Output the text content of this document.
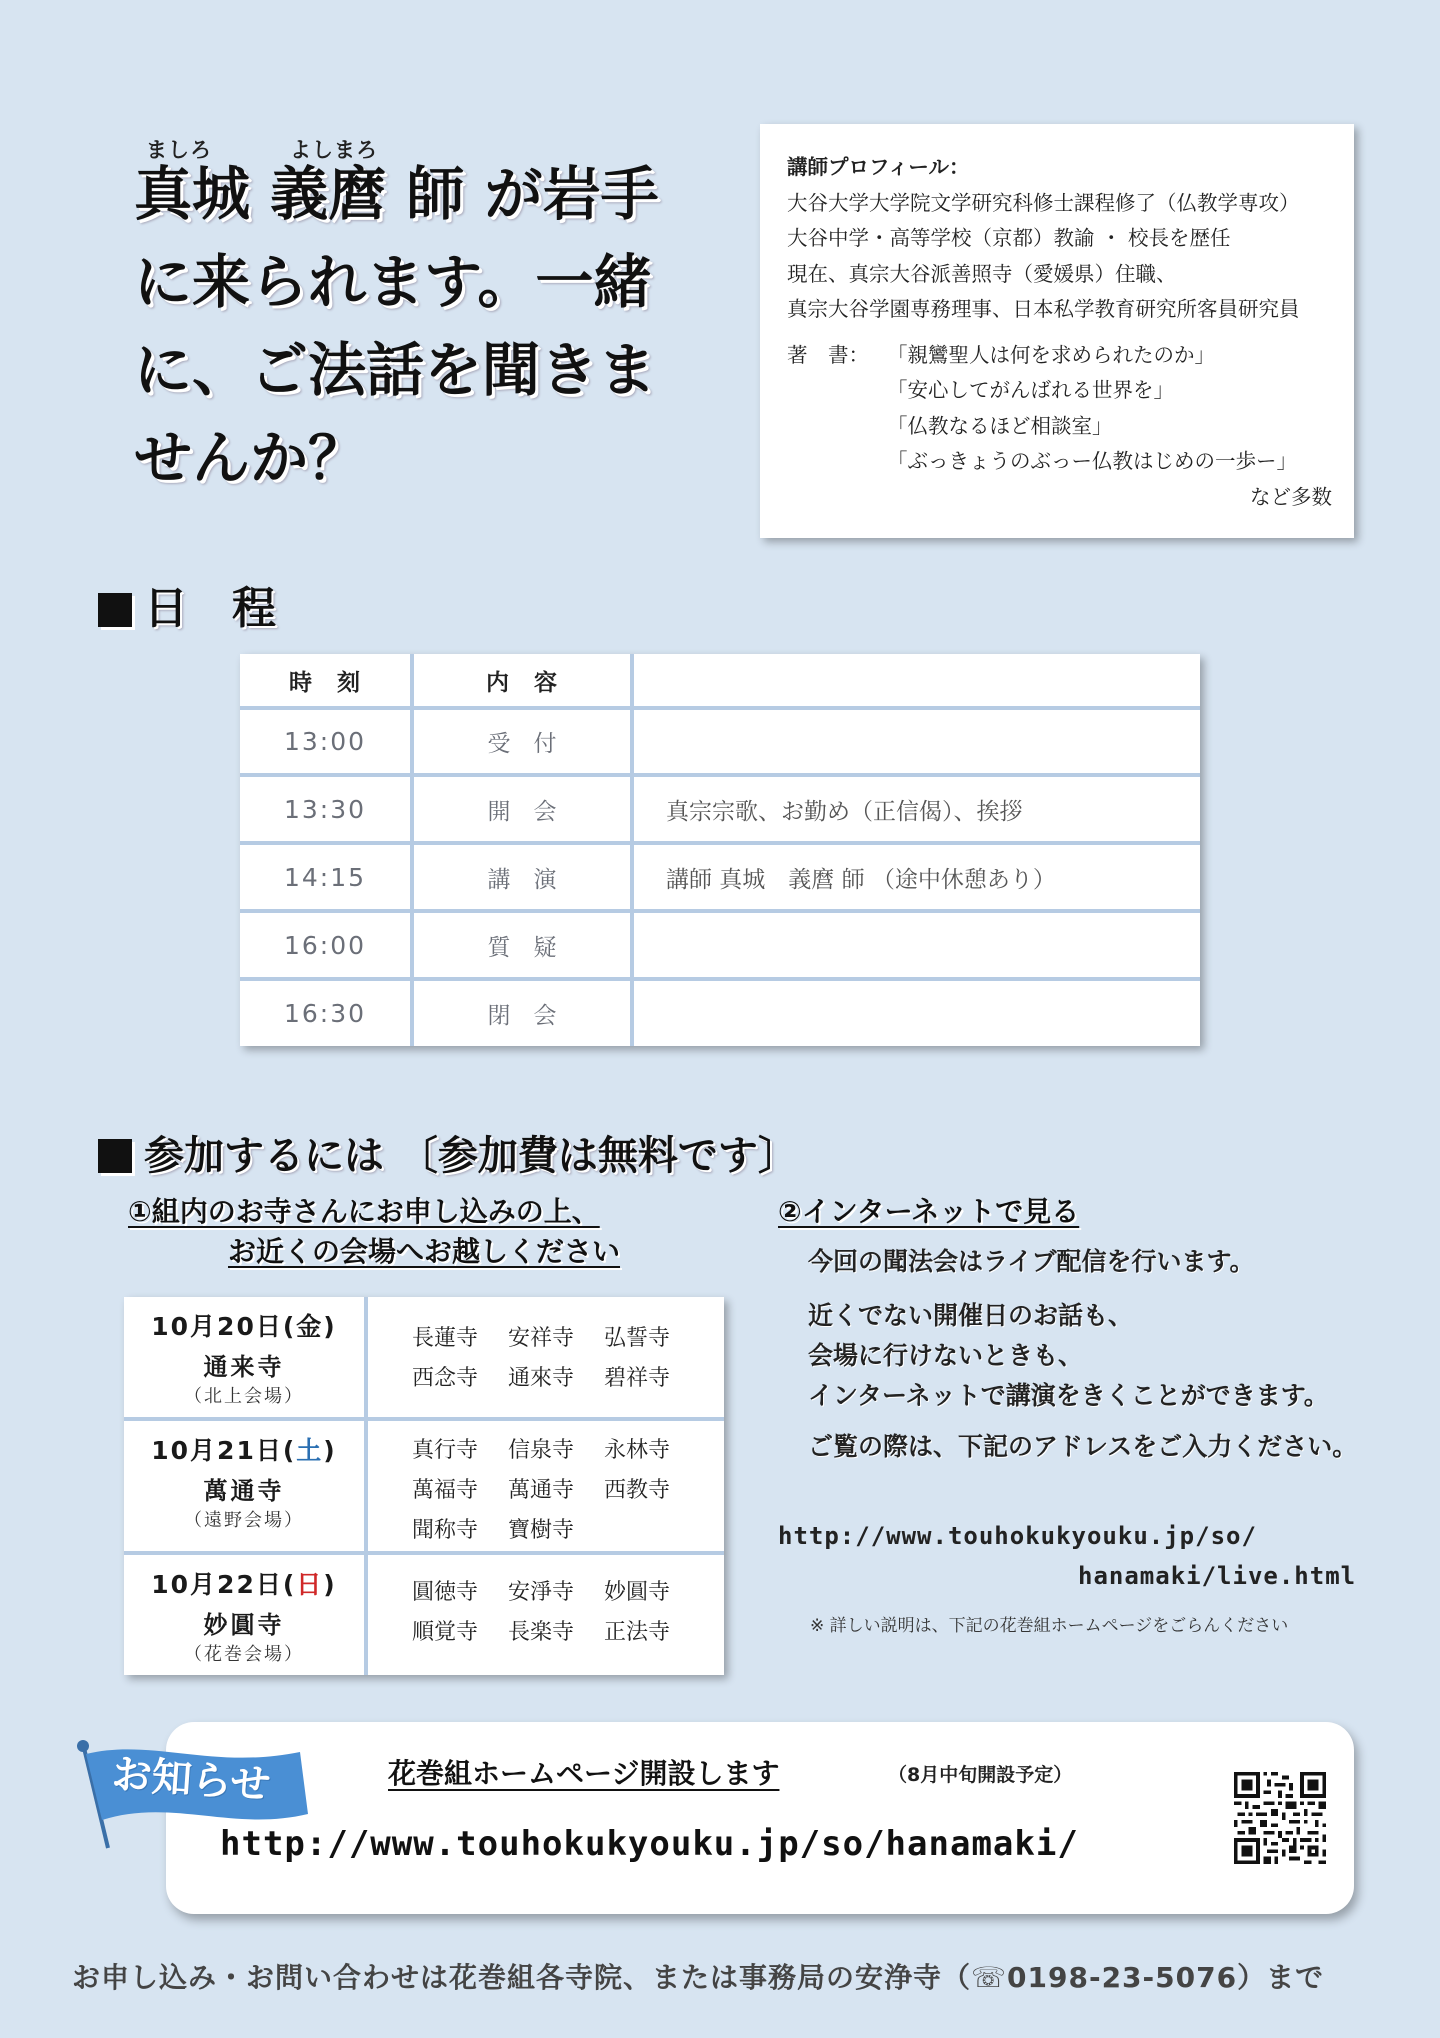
ましろ	よしまろ
真城 義麿 師 が岩手
に来られます。一緒
に、ご法話を聞きま
せんか？
講師プロフィール：
大谷大学大学院文学研究科修士課程修了（仏教学専攻）
大谷中学・高等学校（京都）教諭 ・ 校長を歴任
現在、真宗大谷派善照寺（愛媛県）住職、
真宗大谷学園専務理事、日本私学教育研究所客員研究員
著　書： 「親鸞聖人は何を求められたのか」
「安心してがんばれる世界を」
「仏教なるほど相談室」
「ぶっきょうのぶっー仏教はじめの一歩ー」
など多数
日　程
時　刻	内　容
13:00	受　付
13:30	開　会	真宗宗歌、お勤め（正信偈）、挨拶
14:15	講　演	講師 真城　義麿 師 （途中休憩あり）
16:00	質　疑
16:30	閉　会
参加するには 〔参加費は無料です〕
①組内のお寺さんにお申し込みの上、
お近くの会場へお越しください
②インターネットで見る
10月20日(金)
通来寺
（北上会場）
長蓮寺 安祥寺 弘誓寺
西念寺 通來寺 碧祥寺
10月21日(土)
萬通寺
（遠野会場）
真行寺 信泉寺 永林寺
萬福寺 萬通寺 西教寺
聞称寺 寶樹寺
10月22日(日)
妙圓寺
（花巻会場）
圓徳寺 安淨寺 妙圓寺
順覚寺 長楽寺 正法寺

今回の聞法会はライブ配信を行います。

近くでない開催日のお話も、

会場に行けないときも、

インターネットで講演をきくことができます。

ご覧の際は、下記のアドレスをご入力ください。

http://www.touhokukyouku.jp/so/
hanamaki/live.html
※ 詳しい説明は、下記の花巻組ホームページをごらんください
お知らせ	花巻組ホームページ開設します	（8月中旬開設予定）
http://www.touhokukyouku.jp/so/hanamaki/
お申し込み・お問い合わせは花巻組各寺院、または事務局の安浄寺（☏0198-23-5076）まで
